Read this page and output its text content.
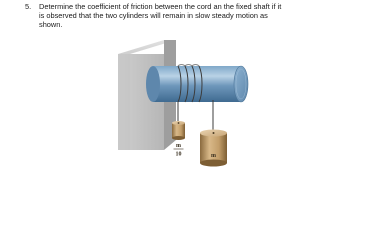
5. Determine the coefficient of friction between the cord an the fixed shaft if it
is observed that the two cylinders will remain in slow steady motion as
shown.
m
10	m
